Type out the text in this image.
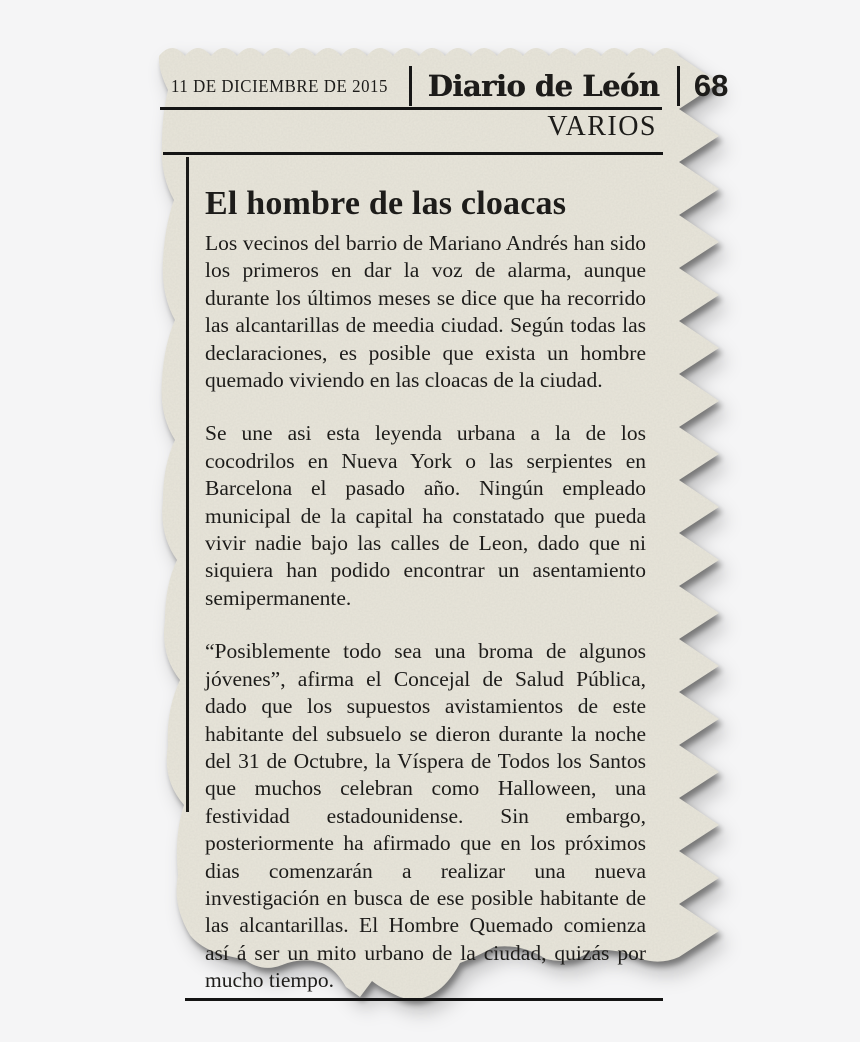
11 DE DICIEMBRE DE 2015 Diario de León 68
VARIOS
El hombre de las cloacas

Los vecinos del barrio de Mariano Andrés han sido los primeros en dar la voz de alarma, aunque durante los últimos meses se dice que ha recorrido las alcantarillas de meedia ciudad. Según todas las declaraciones, es posible que exista un hombre quemado viviendo en las cloacas de la ciudad.

Se une asi esta leyenda urbana a la de los cocodrilos en Nueva York o las serpientes en Barcelona el pasado año. Ningún empleado municipal de la capital ha constatado que pueda vivir nadie bajo las calles de Leon, dado que ni siquiera han podido encontrar un asentamiento semipermanente.

“Posiblemente todo sea una broma de algunos jóvenes”, afirma el Concejal de Salud Pública, dado que los supuestos avistamientos de este habitante del subsuelo se dieron durante la noche del 31 de Octubre, la Víspera de Todos los Santos que muchos celebran como Halloween, una festividad estadounidense. Sin embargo, posteriormente ha afirmado que en los próximos dias comenzarán a realizar una nueva investigación en busca de ese posible habitante de las alcantarillas. El Hombre Quemado comienza así á ser un mito urbano de la ciudad, quizás por mucho tiempo.
